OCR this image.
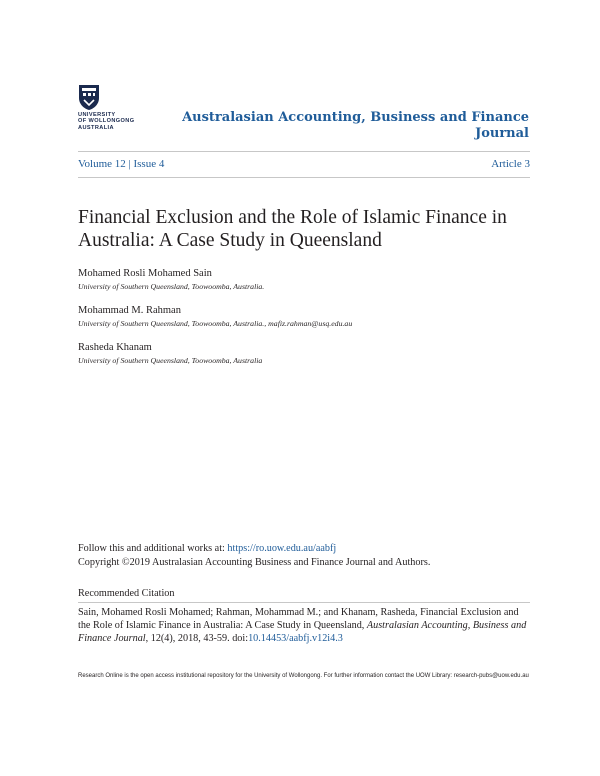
UNIVERSITY
OF WOLLONGONG
AUSTRALIA
Australasian Accounting, Business and Finance Journal
Volume 12 | Issue 4	Article 3
Financial Exclusion and the Role of Islamic Finance in Australia: A Case Study in Queensland
Mohamed Rosli Mohamed Sain
University of Southern Queensland, Toowoomba, Australia.
Mohammad M. Rahman
University of Southern Queensland, Toowoomba, Australia., mafiz.rahman@usq.edu.au
Rasheda Khanam
University of Southern Queensland, Toowoomba, Australia
Follow this and additional works at: https://ro.uow.edu.au/aabfj
Copyright ©2019 Australasian Accounting Business and Finance Journal and Authors.
Recommended Citation
Sain, Mohamed Rosli Mohamed; Rahman, Mohammad M.; and Khanam, Rasheda, Financial Exclusion and the Role of Islamic Finance in Australia: A Case Study in Queensland, Australasian Accounting, Business and Finance Journal, 12(4), 2018, 43-59. doi:10.14453/aabfj.v12i4.3
Research Online is the open access institutional repository for the University of Wollongong. For further information contact the UOW Library: research-pubs@uow.edu.au
